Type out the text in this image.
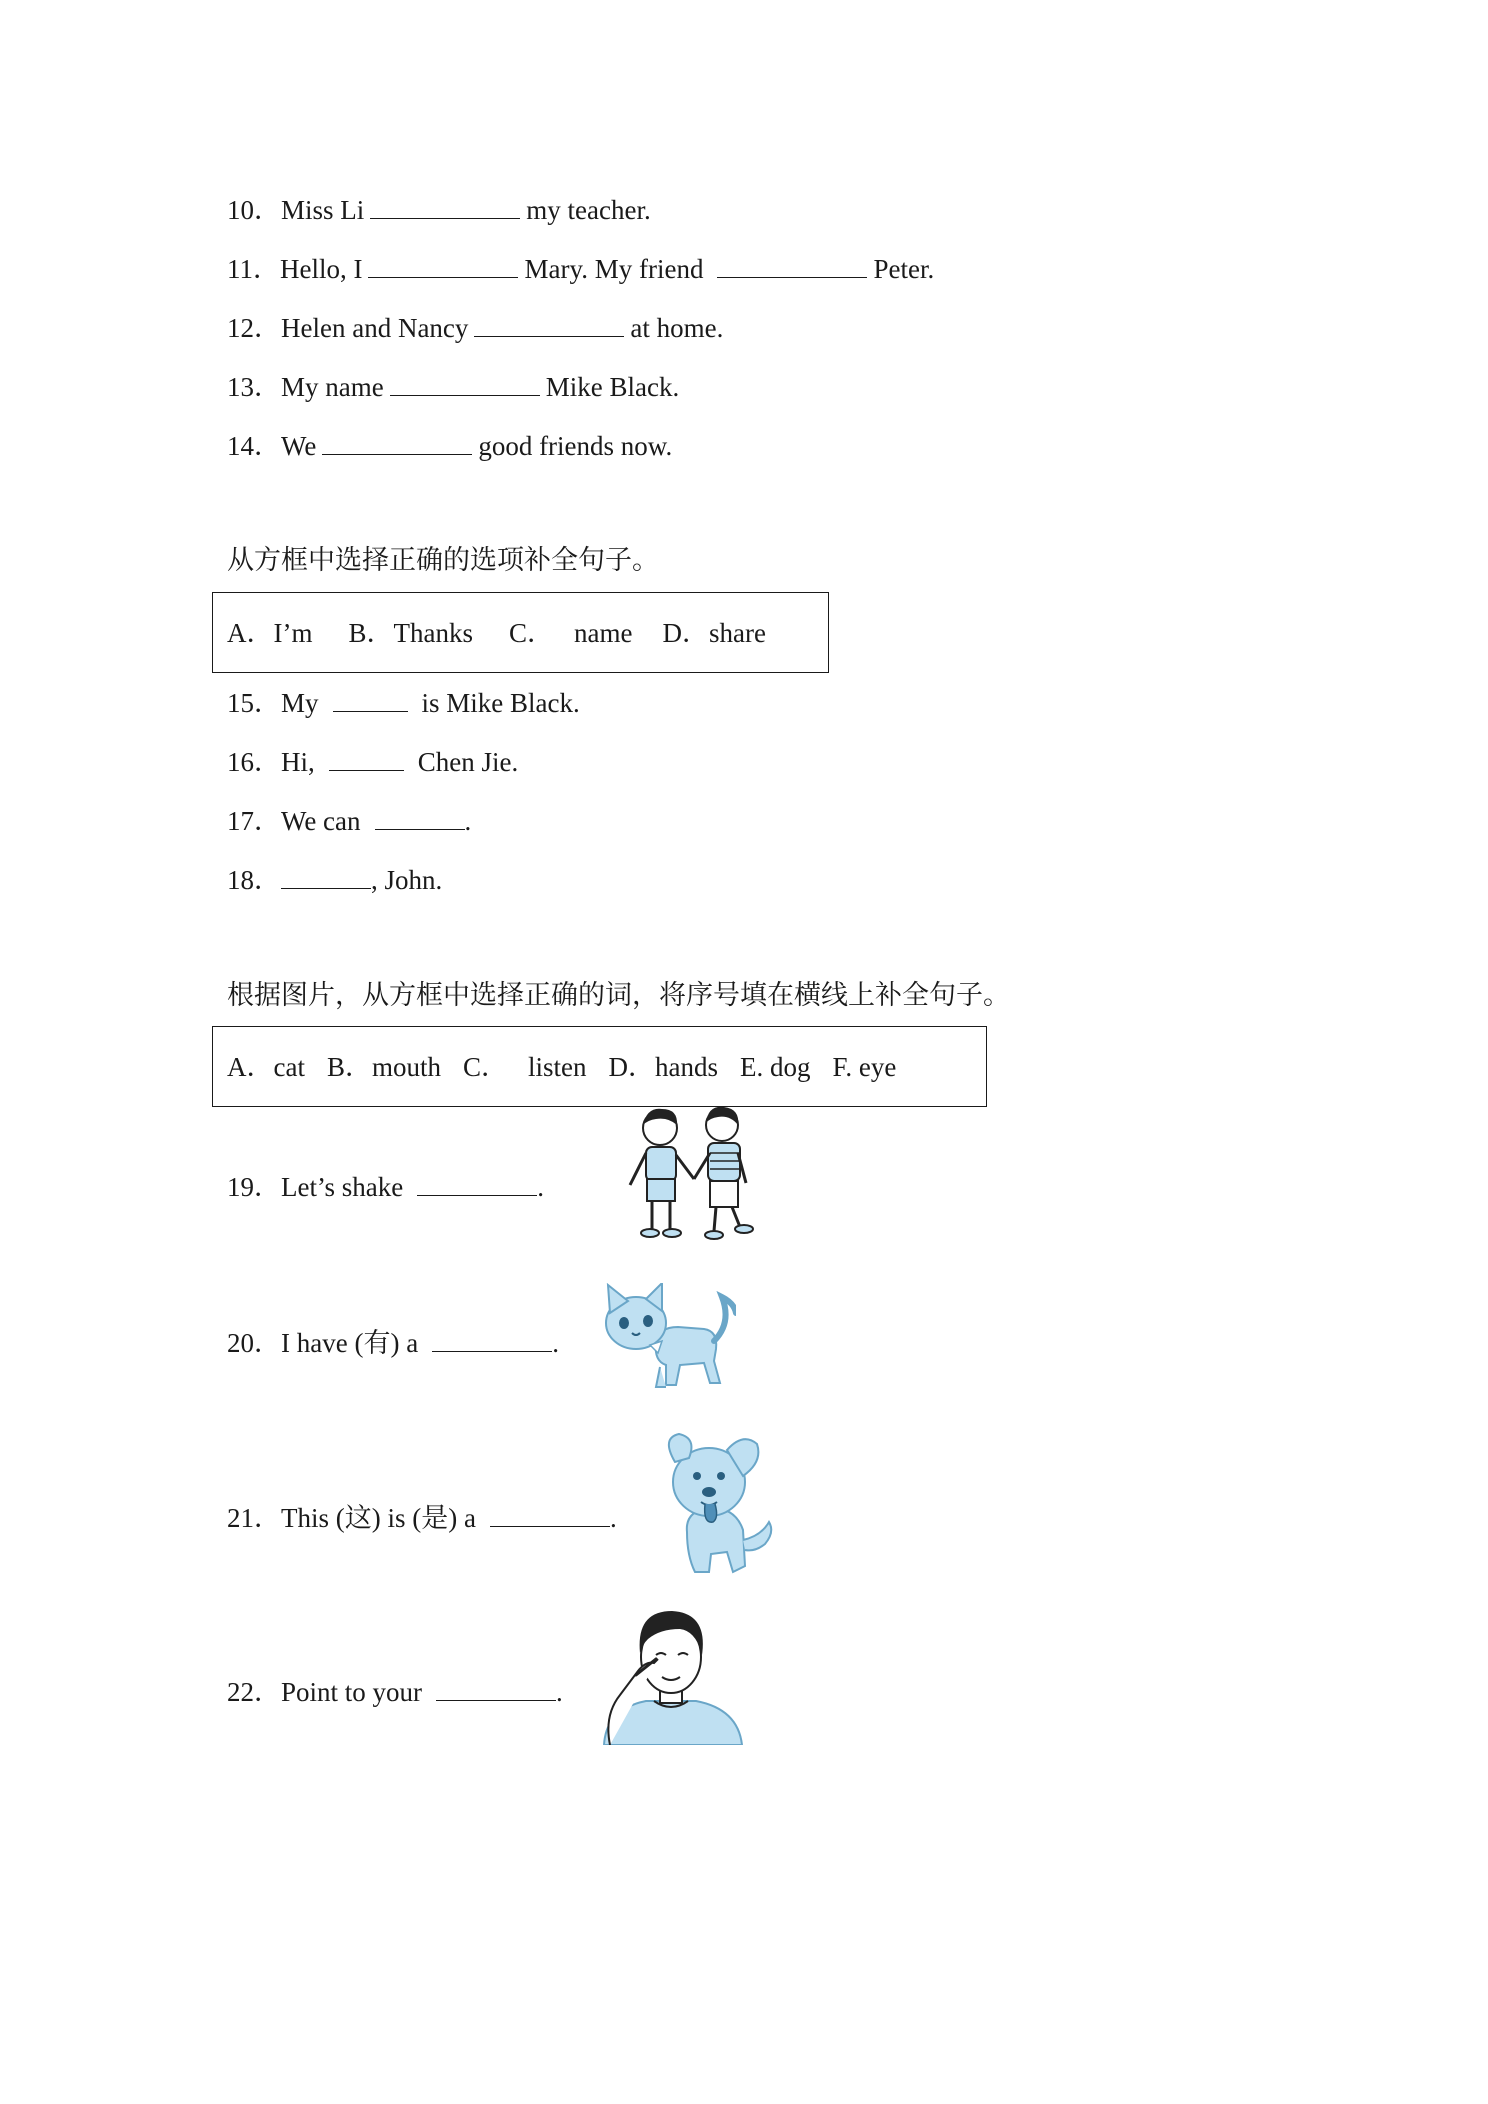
10．Miss Li	my teacher.
11．Hello, I	Mary. My friend	Peter.
12．Helen and Nancy	at home.
13．My name	Mike Black.
14．We	good friends now.
从方框中选择正确的选项补全句子。
A．I’m B．Thanks C． name D．share
15．My	is Mike Black.
16．Hi,	Chen Jie.
17．We can	.
18．	, John.
根据图片，从方框中选择正确的词，将序号填在横线上补全句子。
A．cat B．mouth C． listen D．hands E. dog F. eye
19．Let’s shake	.
20．I have (有) a	.
21．This (这) is (是) a	.
22．Point to your	.
